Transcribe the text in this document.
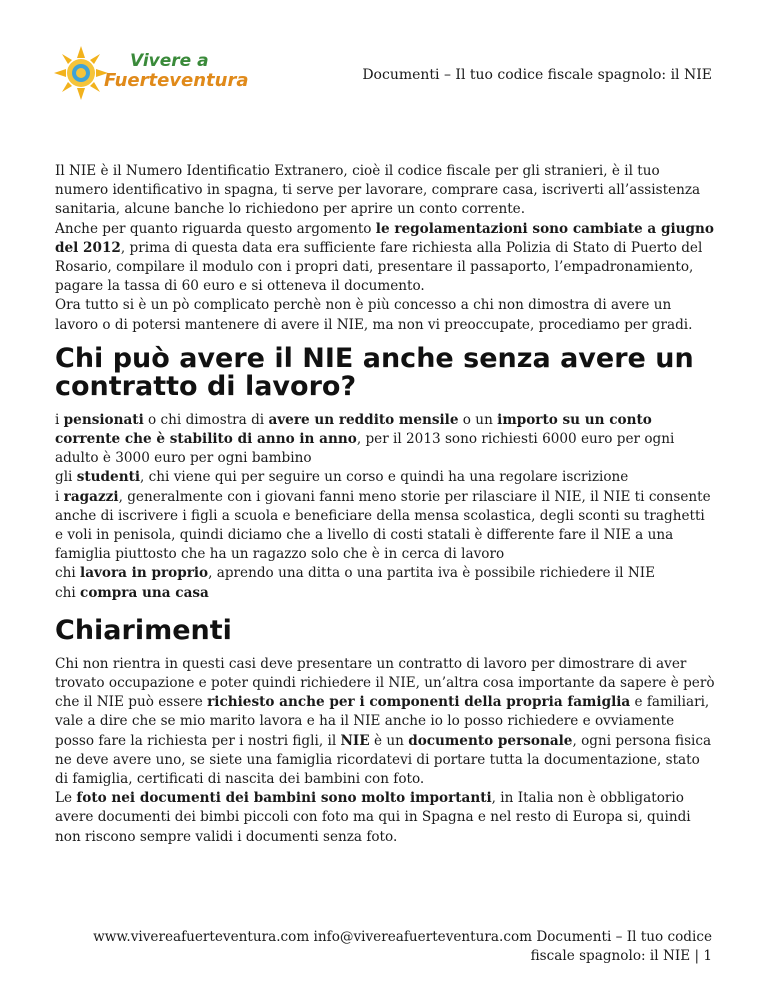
Vivere a
Fuerteventura	Documenti – Il tuo codice fiscale spagnolo: il NIE

Il NIE è il Numero Identificatio Extranero, cioè il codice fiscale per gli stranieri, è il tuo numero identificativo in spagna, ti serve per lavorare, comprare casa, iscriverti all’assistenza sanitaria, alcune banche lo richiedono per aprire un conto corrente.

Anche per quanto riguarda questo argomento le regolamentazioni sono cambiate a giugno del 2012, prima di questa data era sufficiente fare richiesta alla Polizia di Stato di Puerto del Rosario, compilare il modulo con i propri dati, presentare il passaporto, l’empadronamiento, pagare la tassa di 60 euro e si otteneva il documento.

Ora tutto si è un pò complicato perchè non è più concesso a chi non dimostra di avere un lavoro o di potersi mantenere di avere il NIE, ma non vi preoccupate, procediamo per gradi.

Chi può avere il NIE anche senza avere un contratto di lavoro?

i pensionati o chi dimostra di avere un reddito mensile o un importo su un conto corrente che è stabilito di anno in anno, per il 2013 sono richiesti 6000 euro per ogni adulto è 3000 euro per ogni bambino

gli studenti, chi viene qui per seguire un corso e quindi ha una regolare iscrizione

i ragazzi, generalmente con i giovani fanni meno storie per rilasciare il NIE, il NIE ti consente anche di iscrivere i figli a scuola e beneficiare della mensa scolastica, degli sconti su traghetti e voli in penisola, quindi diciamo che a livello di costi statali è differente fare il NIE a una famiglia piuttosto che ha un ragazzo solo che è in cerca di lavoro

chi lavora in proprio, aprendo una ditta o una partita iva è possibile richiedere il NIE

chi compra una casa

Chiarimenti

Chi non rientra in questi casi deve presentare un contratto di lavoro per dimostrare di aver trovato occupazione e poter quindi richiedere il NIE, un’altra cosa importante da sapere è però che il NIE può essere richiesto anche per i componenti della propria famiglia e familiari, vale a dire che se mio marito lavora e ha il NIE anche io lo posso richiedere e ovviamente posso fare la richiesta per i nostri figli, il NIE è un documento personale, ogni persona fisica ne deve avere uno, se siete una famiglia ricordatevi di portare tutta la documentazione, stato di famiglia, certificati di nascita dei bambini con foto.

Le foto nei documenti dei bambini sono molto importanti, in Italia non è obbligatorio avere documenti dei bimbi piccoli con foto ma qui in Spagna e nel resto di Europa si, quindi non riscono sempre validi i documenti senza foto.

www.vivereafuerteventura.com info@vivereafuerteventura.com Documenti – Il tuo codice fiscale spagnolo: il NIE | 1
